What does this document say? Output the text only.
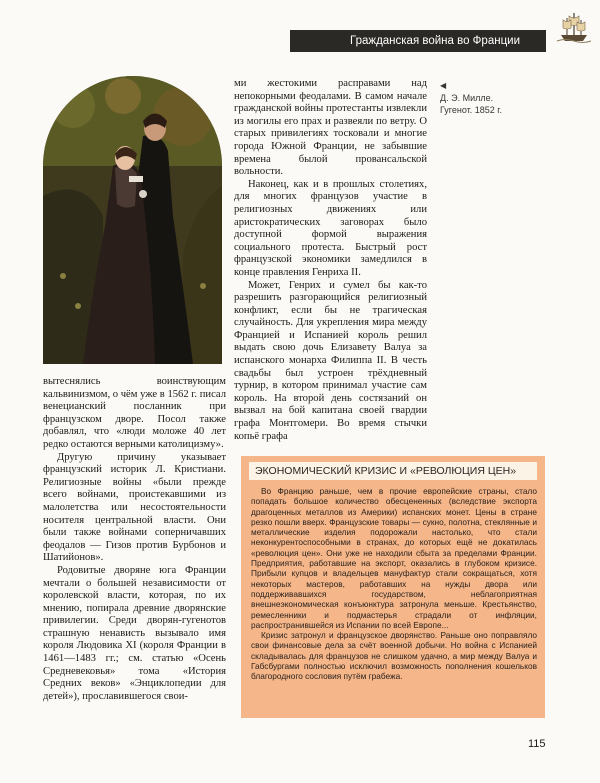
Гражданская война во Франции

вытеснялись воинствующим кальвинизмом, о чём уже в 1562 г. писал венецианский посланник при французском дворе. Посол также добавлял, что «люди моложе 40 лет редко остаются верными католицизму».

Другую причину указывает французский историк Л. Кристиани. Религиозные войны «были прежде всего войнами, проистекавшими из малолетства или несостоятельности носителя центральной власти. Они были также войнами соперничавших феодалов — Гизов против Бурбонов и Шатийонов».

Родовитые дворяне юга Франции мечтали о большей независимости от королевской власти, которая, по их мнению, попирала древние дворянские привилегии. Среди дворян-гугенотов страшную ненависть вызывало имя короля Людовика XI (короля Франции в 1461—1483 гг.; см. статью «Осень Средневековья» тома «История Средних веков» «Энциклопедии для детей»), прославившегося свои-

ми жестокими расправами над непокорными феодалами. В самом начале гражданской войны протестанты извлекли из могилы его прах и развеяли по ветру. О старых привилегиях тосковали и многие города Южной Франции, не забывшие времена былой провансальской вольности.

Наконец, как и в прошлых столетиях, для многих французов участие в религиозных движениях или аристократических заговорах было доступной формой выражения социального протеста. Быстрый рост французской экономики замедлился в конце правления Генриха II.

Может, Генрих и сумел бы как-то разрешить разгорающийся религиозный конфликт, если бы не трагическая случайность. Для укрепления мира между Францией и Испанией король решил выдать свою дочь Елизавету Валуа за испанского монарха Филиппа II. В честь свадьбы был устроен трёхдневный турнир, в котором принимал участие сам король. На второй день состязаний он вызвал на бой капитана своей гвардии графа Монтгомери. Во время стычки копьё графа

◀
Д. Э. Милле.
Гугенот. 1852 г.
ЭКОНОМИЧЕСКИЙ КРИЗИС И «РЕВОЛЮЦИЯ ЦЕН»

Во Францию раньше, чем в прочие европейские страны, стало попадать большое количество обесцененных (вследствие экспорта драгоценных металлов из Америки) испанских монет. Цены в стране резко пошли вверх. Французские товары — сукно, полотна, стеклянные и металлические изделия подорожали настолько, что стали неконкурентоспособными в странах, до которых ещё не докатилась «революция цен». Они уже не находили сбыта за пределами Франции. Предприятия, работавшие на экспорт, оказались в глубоком кризисе. Прибыли купцов и владельцев мануфактур стали сокращаться, хотя некоторых мастеров, работавших на нужды двора или поддерживавшихся государством, неблагоприятная внешнеэкономическая конъюнктура затронула меньше. Крестьянство, ремесленники и подмастерья страдали от инфляции, распространившейся из Испании по всей Европе...

Кризис затронул и французское дворянство. Раньше оно поправляло свои финансовые дела за счёт военной добычи. Но война с Испанией складывалась для французов не слишком удачно, а мир между Валуа и Габсбургами полностью исключил возможность пополнения кошельков благородного сословия путём грабежа.

115
